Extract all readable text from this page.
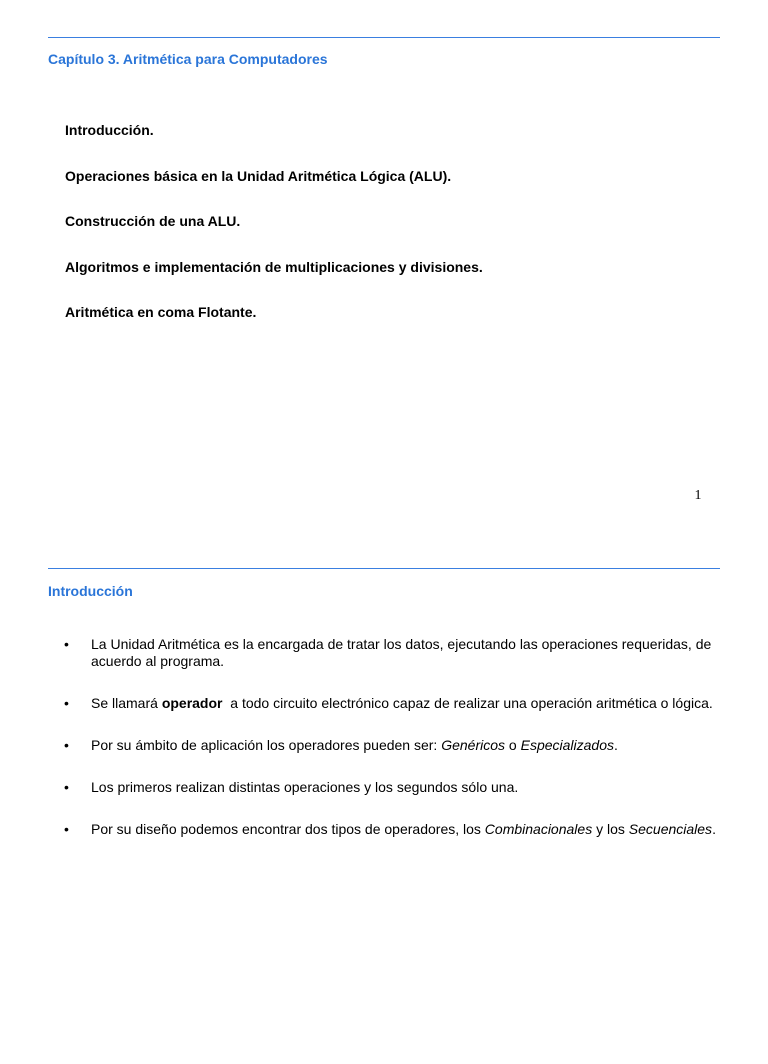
Capítulo 3. Aritmética para Computadores
Introducción.
Operaciones básica en la Unidad Aritmética Lógica (ALU).
Construcción de una ALU.
Algoritmos e implementación de multiplicaciones y divisiones.
Aritmética en coma Flotante.
1
Introducción
• La Unidad Aritmética es la encargada de tratar los datos, ejecutando las operaciones requeridas, de acuerdo al programa.
• Se llamará operador  a todo circuito electrónico capaz de realizar una operación aritmética o lógica.
• Por su ámbito de aplicación los operadores pueden ser: Genéricos o Especializados.
• Los primeros realizan distintas operaciones y los segundos sólo una.
• Por su diseño podemos encontrar dos tipos de operadores, los Combinacionales y los Secuenciales.
